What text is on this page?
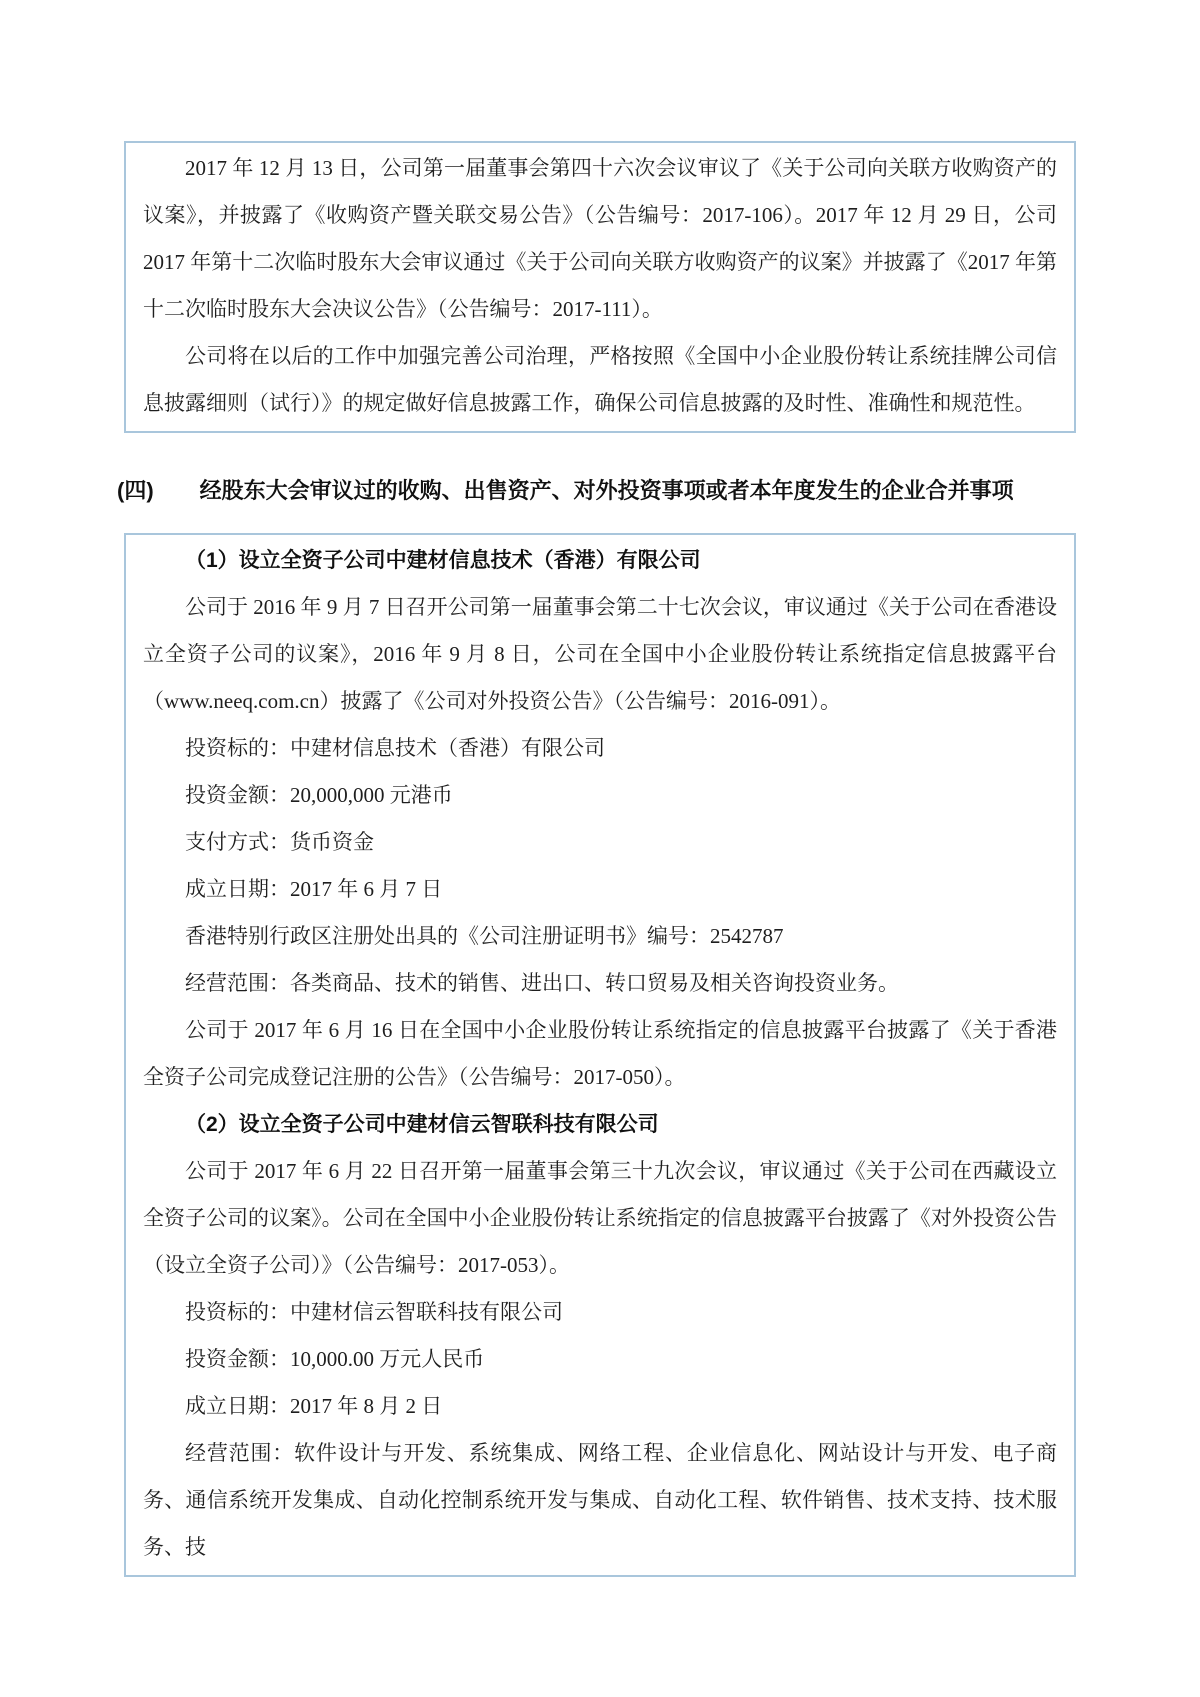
2017 年 12 月 13 日，公司第一届董事会第四十六次会议审议了《关于公司向关联方收购资产的议案》，并披露了《收购资产暨关联交易公告》（公告编号：2017-106）。2017 年 12 月 29 日，公司 2017 年第十二次临时股东大会审议通过《关于公司向关联方收购资产的议案》并披露了《2017 年第十二次临时股东大会决议公告》（公告编号：2017-111）。
公司将在以后的工作中加强完善公司治理，严格按照《全国中小企业股份转让系统挂牌公司信息披露细则（试行）》的规定做好信息披露工作，确保公司信息披露的及时性、准确性和规范性。
(四) 经股东大会审议过的收购、出售资产、对外投资事项或者本年度发生的企业合并事项
（1）设立全资子公司中建材信息技术（香港）有限公司
公司于 2016 年 9 月 7 日召开公司第一届董事会第二十七次会议，审议通过《关于公司在香港设立全资子公司的议案》，2016 年 9 月 8 日，公司在全国中小企业股份转让系统指定信息披露平台（www.neeq.com.cn）披露了《公司对外投资公告》（公告编号：2016-091）。
投资标的：中建材信息技术（香港）有限公司
投资金额：20,000,000 元港币
支付方式：货币资金
成立日期：2017 年 6 月 7 日
香港特别行政区注册处出具的《公司注册证明书》编号：2542787
经营范围：各类商品、技术的销售、进出口、转口贸易及相关咨询投资业务。
公司于 2017 年 6 月 16 日在全国中小企业股份转让系统指定的信息披露平台披露了《关于香港全资子公司完成登记注册的公告》（公告编号：2017-050）。
（2）设立全资子公司中建材信云智联科技有限公司
公司于 2017 年 6 月 22 日召开第一届董事会第三十九次会议，审议通过《关于公司在西藏设立全资子公司的议案》。公司在全国中小企业股份转让系统指定的信息披露平台披露了《对外投资公告（设立全资子公司）》（公告编号：2017-053）。
投资标的：中建材信云智联科技有限公司
投资金额：10,000.00 万元人民币
成立日期：2017 年 8 月 2 日
经营范围：软件设计与开发、系统集成、网络工程、企业信息化、网站设计与开发、电子商务、通信系统开发集成、自动化控制系统开发与集成、自动化工程、软件销售、技术支持、技术服务、技
